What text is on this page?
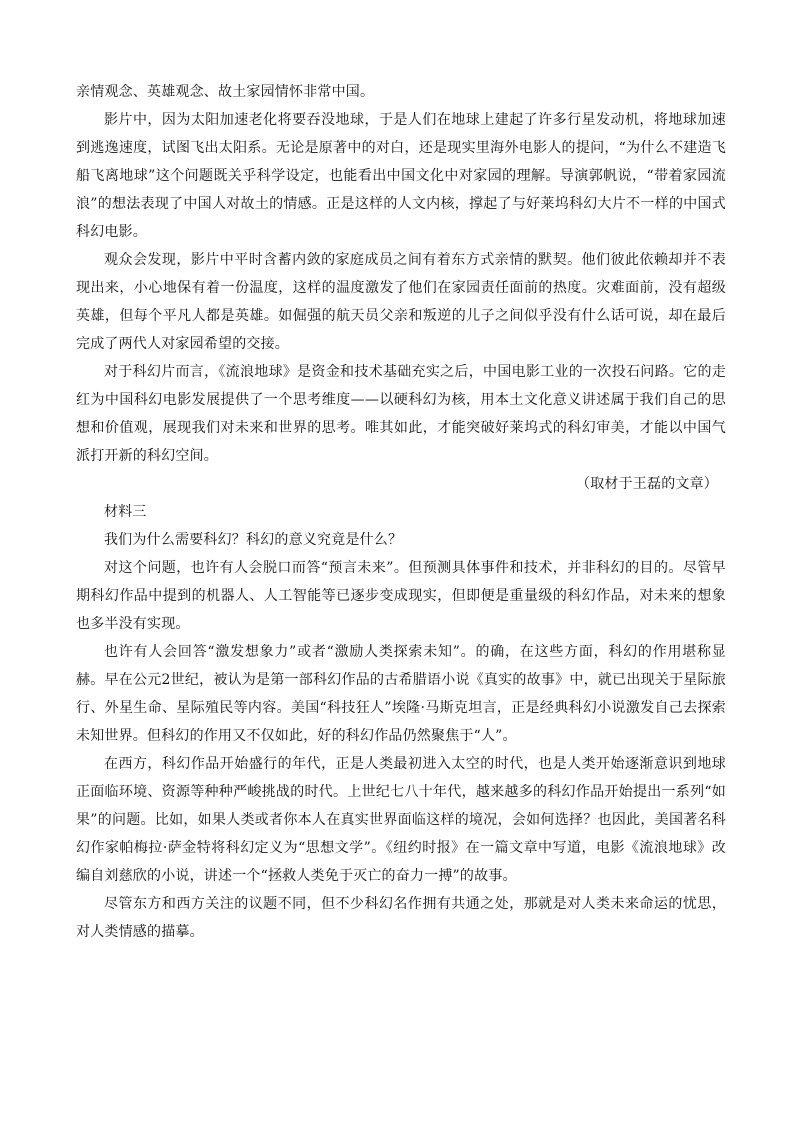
亲情观念、英雄观念、故土家园情怀非常中国。

影片中，因为太阳加速老化将要吞没地球，于是人们在地球上建起了许多行星发动机，将地球加速到逃逸速度，试图飞出太阳系。无论是原著中的对白，还是现实里海外电影人的提问，“为什么不建造飞船飞离地球”这个问题既关乎科学设定，也能看出中国文化中对家园的理解。导演郭帆说，“带着家园流浪”的想法表现了中国人对故土的情感。正是这样的人文内核，撑起了与好莱坞科幻大片不一样的中国式科幻电影。

观众会发现，影片中平时含蓄内敛的家庭成员之间有着东方式亲情的默契。他们彼此依赖却并不表现出来，小心地保有着一份温度，这样的温度激发了他们在家园责任面前的热度。灾难面前，没有超级英雄，但每个平凡人都是英雄。如倔强的航天员父亲和叛逆的儿子之间似乎没有什么话可说，却在最后完成了两代人对家园希望的交接。

对于科幻片而言，《流浪地球》是资金和技术基础充实之后，中国电影工业的一次投石问路。它的走红为中国科幻电影发展提供了一个思考维度——以硬科幻为核，用本土文化意义讲述属于我们自己的思想和价值观，展现我们对未来和世界的思考。唯其如此，才能突破好莱坞式的科幻审美，才能以中国气派打开新的科幻空间。

（取材于王磊的文章）

材料三

我们为什么需要科幻？科幻的意义究竟是什么？

对这个问题，也许有人会脱口而答“预言未来”。但预测具体事件和技术，并非科幻的目的。尽管早期科幻作品中提到的机器人、人工智能等已逐步变成现实，但即便是重量级的科幻作品，对未来的想象也多半没有实现。

也许有人会回答“激发想象力”或者“激励人类探索未知”。的确，在这些方面，科幻的作用堪称显赫。早在公元2世纪，被认为是第一部科幻作品的古希腊语小说《真实的故事》中，就已出现关于星际旅行、外星生命、星际殖民等内容。美国“科技狂人”埃隆·马斯克坦言，正是经典科幻小说激发自己去探索未知世界。但科幻的作用又不仅如此，好的科幻作品仍然聚焦于“人”。

在西方，科幻作品开始盛行的年代，正是人类最初进入太空的时代，也是人类开始逐渐意识到地球正面临环境、资源等种种严峻挑战的时代。上世纪七八十年代，越来越多的科幻作品开始提出一系列“如果”的问题。比如，如果人类或者你本人在真实世界面临这样的境况，会如何选择？也因此，美国著名科幻作家帕梅拉·萨金特将科幻定义为“思想文学”。《纽约时报》在一篇文章中写道，电影《流浪地球》改编自刘慈欣的小说，讲述一个“拯救人类免于灭亡的奋力一搏”的故事。

尽管东方和西方关注的议题不同，但不少科幻名作拥有共通之处，那就是对人类未来命运的忧思，对人类情感的描摹。
